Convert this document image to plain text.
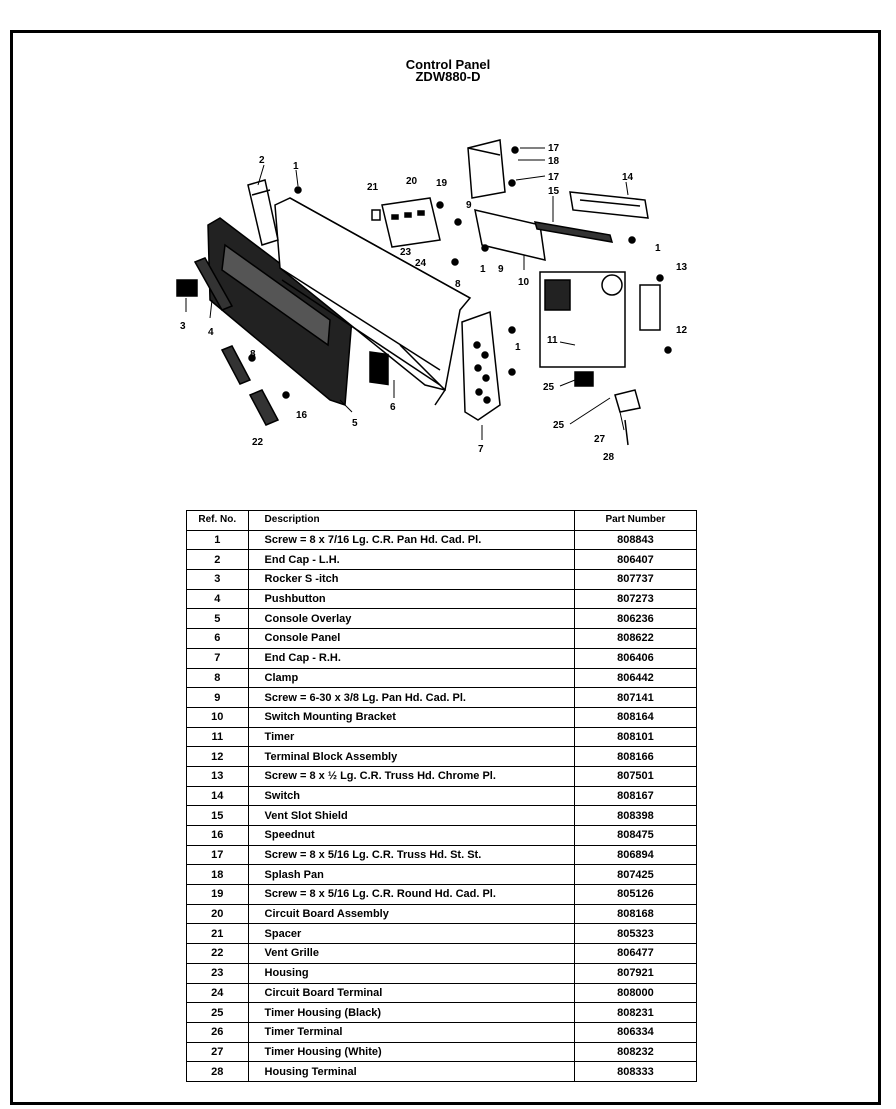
Control Panel
ZDW880-D
2
1
21
20 19
9
17
18
17
15
14
23
24
1 9
8	10
1
13
12
11
3
4
1
8
25
6
16
5	25
27
22
7
28
Ref. No.	Description	Part Number
1	Screw = 8 x 7/16 Lg. C.R. Pan Hd. Cad. Pl.	808843
2	End Cap - L.H.	806407
3	Rocker S -itch	807737
4	Pushbutton	807273
5	Console Overlay	806236
6	Console Panel	808622
7	End Cap - R.H.	806406
8	Clamp	806442
9	Screw = 6-30 x 3/8 Lg. Pan Hd. Cad. Pl.	807141
10	Switch Mounting Bracket	808164
11	Timer	808101
12	Terminal Block Assembly	808166
13	Screw = 8 x ½ Lg. C.R. Truss Hd. Chrome Pl.	807501
14	Switch	808167
15	Vent Slot Shield	808398
16	Speednut	808475
17	Screw = 8 x 5/16 Lg. C.R. Truss Hd. St. St.	806894
18	Splash Pan	807425
19	Screw = 8 x 5/16 Lg. C.R. Round Hd. Cad. Pl.	805126
20	Circuit Board Assembly	808168
21	Spacer	805323
22	Vent Grille	806477
23	Housing	807921
24	Circuit Board Terminal	808000
25	Timer Housing (Black)	808231
26	Timer Terminal	806334
27	Timer Housing (White)	808232
28	Housing Terminal	808333
